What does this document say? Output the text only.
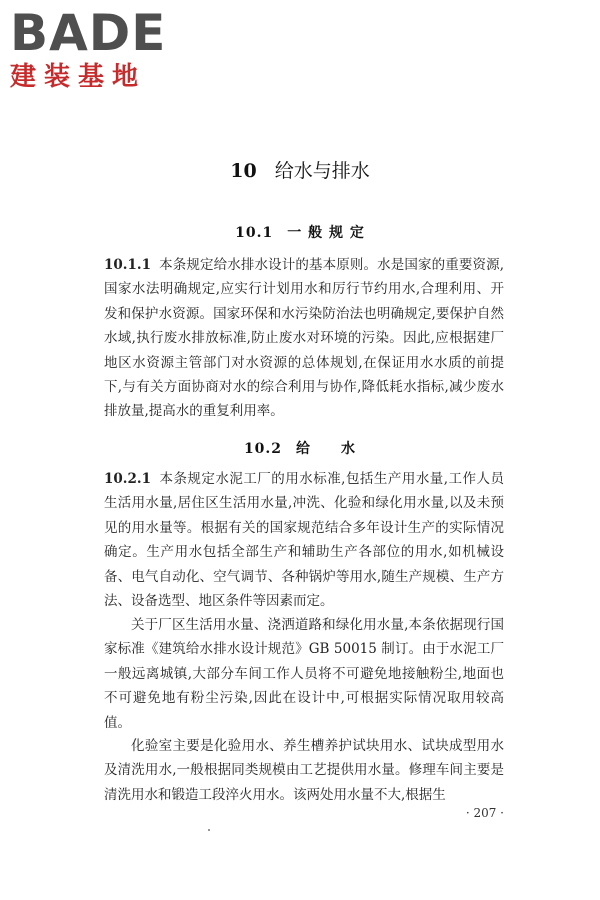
BADE
建装基地
10 给水与排水
10.1 一 般 规 定

10.1.1 本条规定给水排水设计的基本原则。水是国家的重要资源,国家水法明确规定,应实行计划用水和厉行节约用水,合理利用、开发和保护水资源。国家环保和水污染防治法也明确规定,要保护自然水域,执行废水排放标准,防止废水对环境的污染。因此,应根据建厂地区水资源主管部门对水资源的总体规划,在保证用水水质的前提下,与有关方面协商对水的综合利用与协作,降低耗水指标,减少废水排放量,提高水的重复利用率。

10.2 给　　水

10.2.1 本条规定水泥工厂的用水标准,包括生产用水量,工作人员生活用水量,居住区生活用水量,冲洗、化验和绿化用水量,以及未预见的用水量等。根据有关的国家规范结合多年设计生产的实际情况确定。生产用水包括全部生产和辅助生产各部位的用水,如机械设备、电气自动化、空气调节、各种锅炉等用水,随生产规模、生产方法、设备选型、地区条件等因素而定。

关于厂区生活用水量、浇洒道路和绿化用水量,本条依据现行国家标准《建筑给水排水设计规范》GB 50015 制订。由于水泥工厂一般远离城镇,大部分车间工作人员将不可避免地接触粉尘,地面也不可避免地有粉尘污染,因此在设计中,可根据实际情况取用较高值。

化验室主要是化验用水、养生槽养护试块用水、试块成型用水及清洗用水,一般根据同类规模由工艺提供用水量。修理车间主要是清洗用水和锻造工段淬火用水。该两处用水量不大,根据生

· 207 ·
